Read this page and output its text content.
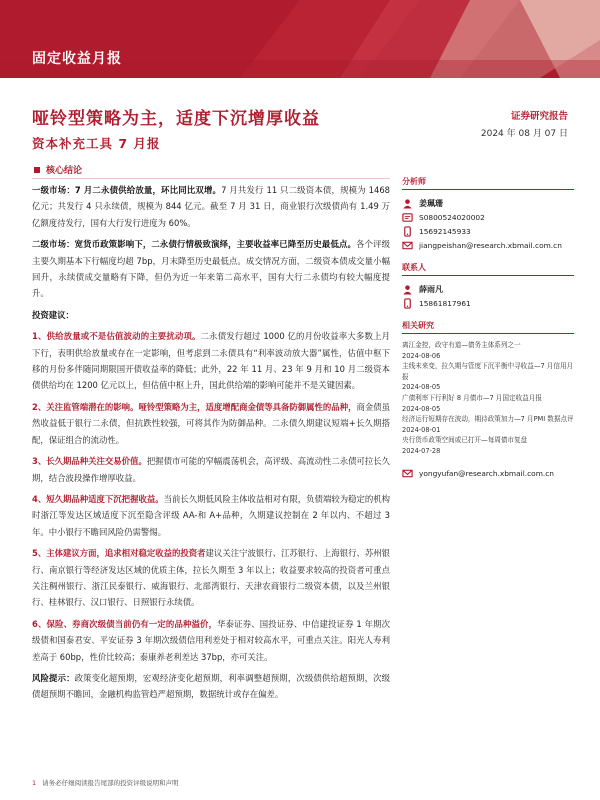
固定收益月报
哑铃型策略为主，适度下沉增厚收益
资本补充工具 7 月报
证券研究报告
2024 年 08 月 07 日
核心结论

一级市场：7 月二永债供给放量，环比同比双增。7 月共发行 11 只二级资本债，规模为 1468 亿元；共发行 4 只永续债，规模为 844 亿元。截至 7 月 31 日，商业银行次级债尚有 1.49 万亿额度待发行，国有大行发行进度为 60%。

二级市场：宽货币政策影响下，二永债行情极致演绎，主要收益率已降至历史最低点。各个评级主要久期基本下行幅度均超 7bp，月末降至历史最低点。成交情况方面，二级资本债成交量小幅回升，永续债成交量略有下降，但仍为近一年来第二高水平，国有大行二永债均有较大幅度提升。

投资建议：

1、供给放量或不是估值波动的主要扰动项。二永债发行超过 1000 亿的月份收益率大多数上月下行，表明供给放量或存在一定影响，但考虑到二永债具有“利率波动放大器”属性，估值中枢下移的月份多伴随同期限国开债收益率的降低；此外，22 年 11 月、23 年 9 月和 10 月二级资本债供给均在 1200 亿元以上，但估值中枢上升，国此供给端的影响可能并不是关键因素。

2、关注监管端潜在的影响。哑铃型策略为主，适度增配商金债等具备防御属性的品种，商金债虽然收益低于银行二永债，但抗跌性较强，可将其作为防御品种。二永债久期建议短端+长久期搭配，保证组合的流动性。

3、长久期品种关注交易价值。把握债市可能的窄幅震荡机会，高评级、高流动性二永债可拉长久期，结合波段操作增厚收益。

4、短久期品种适度下沉把握收益。当前长久期低风险主体收益相对有限，负债端较为稳定的机构时浙江等发达区域适度下沉至隐含评级 AA-和 A+品种，久期建议控制在 2 年以内、不超过 3 年。中小银行不瞻回风险仍需警惕。

5、主体建议方面，追求相对稳定收益的投资者建议关注宁波银行、江苏银行、上海银行、苏州银行、南京银行等经济发达区域的优质主体，拉长久期至 3 年以上；收益要求较高的投资者可重点关注稠州银行、浙江民泰银行、威海银行、北部湾银行、天津农商银行二级资本债，以及兰州银行、桂林银行、汉口银行、日照银行永续债。

6、保险、券商次级债当前仍有一定的品种溢价，华泰证券、国投证券、中信建投证券 1 年期次级债和国泰君安、平安证券 3 年期次级债信用利差处于相对较高水平，可重点关注。阳光人寿利差高于 60bp，性价比较高；泰康养老利差达 37bp，亦可关注。

风险提示：政策变化超预期，宏观经济变化超预期，利率调整超预期，次级债供给超预期，次级债超预期不瞻回，金融机构监管趋严超预期，数据统计或存在偏差。

分析师
姜珮珊
S0800524020002
15692145933
jiangpeishan@research.xbmail.com.cn
联系人
薛雨凡
15861817961
相关研究
离江金控，政守有道—债务主体系列之一
2024-08-06
主线未来变，拉久期与管度下沉平衡中寻收益—7 月信用月报
2024-08-05
广债利率下行利好 8 月债市—7 月国定收益月报
2024-08-05
经济运行短期存在波动，期待政策加力—7 月PMI 数据点评
2024-08-01
央行货币政策空间或已打开—每周债市复盘
2024-07-28
yongyufan@research.xbmail.com.cn
1 请务必仔细阅读报告尾部的投资评级说明和声明
